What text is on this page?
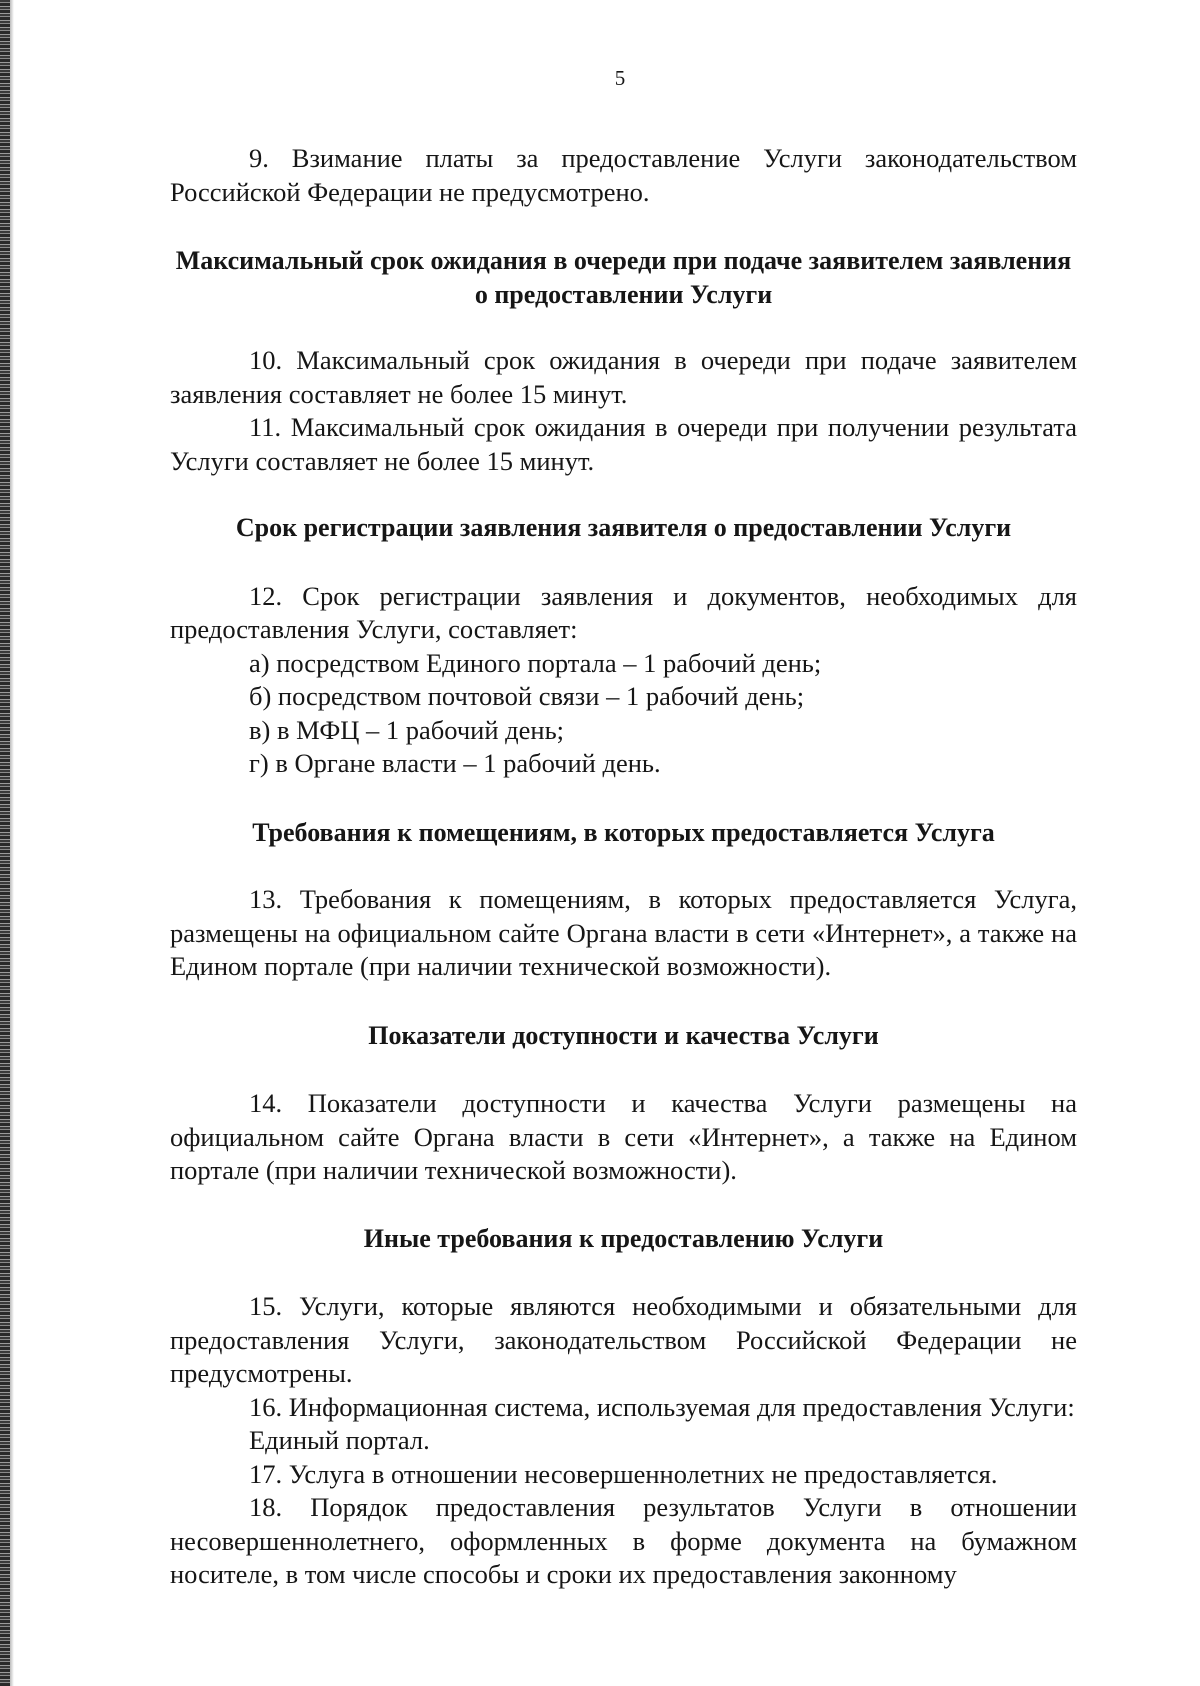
5

9. Взимание платы за предоставление Услуги законодательством Российской Федерации не предусмотрено.

Максимальный срок ожидания в очереди при подаче заявителем заявления о предоставлении Услуги

10. Максимальный срок ожидания в очереди при подаче заявителем заявления составляет не более 15 минут.

11. Максимальный срок ожидания в очереди при получении результата Услуги составляет не более 15 минут.

Срок регистрации заявления заявителя о предоставлении Услуги

12. Срок регистрации заявления и документов, необходимых для предоставления Услуги, составляет:

а) посредством Единого портала – 1 рабочий день;

б) посредством почтовой связи – 1 рабочий день;

в) в МФЦ – 1 рабочий день;

г) в Органе власти – 1 рабочий день.

Требования к помещениям, в которых предоставляется Услуга

13. Требования к помещениям, в которых предоставляется Услуга, размещены на официальном сайте Органа власти в сети «Интернет», а также на Едином портале (при наличии технической возможности).

Показатели доступности и качества Услуги

14. Показатели доступности и качества Услуги размещены на официальном сайте Органа власти в сети «Интернет», а также на Едином портале (при наличии технической возможности).

Иные требования к предоставлению Услуги

15. Услуги, которые являются необходимыми и обязательными для предоставления Услуги, законодательством Российской Федерации не предусмотрены.

16. Информационная система, используемая для предоставления Услуги:

Единый портал.

17. Услуга в отношении несовершеннолетних не предоставляется.

18. Порядок предоставления результатов Услуги в отношении несовершеннолетнего, оформленных в форме документа на бумажном носителе, в том числе способы и сроки их предоставления законному
